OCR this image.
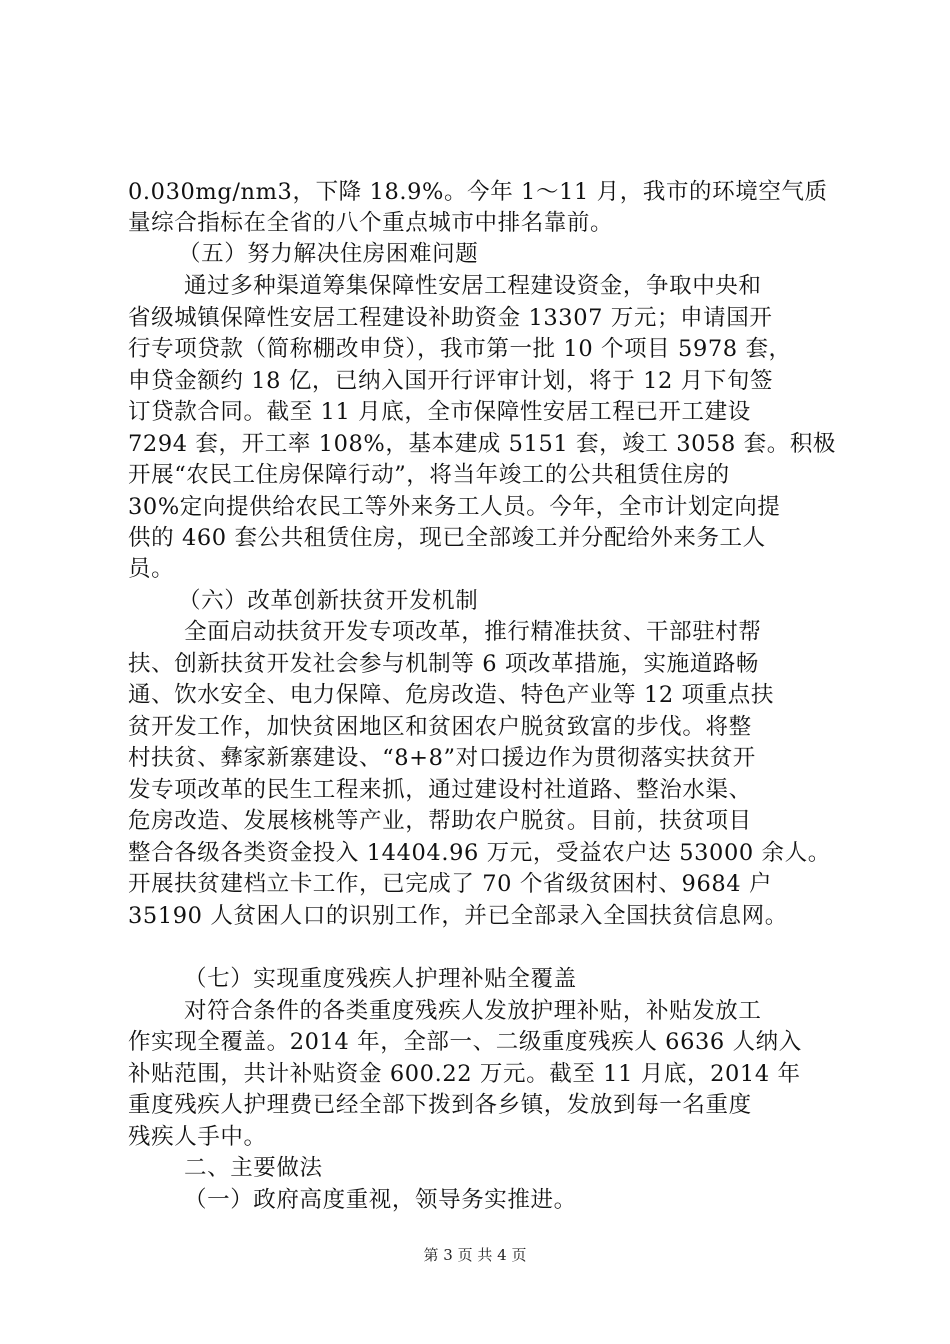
0.030mg/nm3，下降 18.9%。今年 1～11 月，我市的环境空气质
量综合指标在全省的八个重点城市中排名靠前。
（五）努力解决住房困难问题
通过多种渠道筹集保障性安居工程建设资金，争取中央和
省级城镇保障性安居工程建设补助资金 13307 万元；申请国开
行专项贷款（简称棚改申贷），我市第一批 10 个项目 5978 套，
申贷金额约 18 亿，已纳入国开行评审计划，将于 12 月下旬签
订贷款合同。截至 11 月底，全市保障性安居工程已开工建设
7294 套，开工率 108%，基本建成 5151 套，竣工 3058 套。积极
开展“农民工住房保障行动”，将当年竣工的公共租赁住房的
30%定向提供给农民工等外来务工人员。今年，全市计划定向提
供的 460 套公共租赁住房，现已全部竣工并分配给外来务工人
员。
（六）改革创新扶贫开发机制
全面启动扶贫开发专项改革，推行精准扶贫、干部驻村帮
扶、创新扶贫开发社会参与机制等 6 项改革措施，实施道路畅
通、饮水安全、电力保障、危房改造、特色产业等 12 项重点扶
贫开发工作，加快贫困地区和贫困农户脱贫致富的步伐。将整
村扶贫、彝家新寨建设、“8+8”对口援边作为贯彻落实扶贫开
发专项改革的民生工程来抓，通过建设村社道路、整治水渠、
危房改造、发展核桃等产业，帮助农户脱贫。目前，扶贫项目
整合各级各类资金投入 14404.96 万元，受益农户达 53000 余人。
开展扶贫建档立卡工作，已完成了 70 个省级贫困村、9684 户
35190 人贫困人口的识别工作，并已全部录入全国扶贫信息网。
（七）实现重度残疾人护理补贴全覆盖
对符合条件的各类重度残疾人发放护理补贴，补贴发放工
作实现全覆盖。2014 年，全部一、二级重度残疾人 6636 人纳入
补贴范围，共计补贴资金 600.22 万元。截至 11 月底，2014 年
重度残疾人护理费已经全部下拨到各乡镇，发放到每一名重度
残疾人手中。
二、主要做法
（一）政府高度重视，领导务实推进。
第 3 页 共 4 页
